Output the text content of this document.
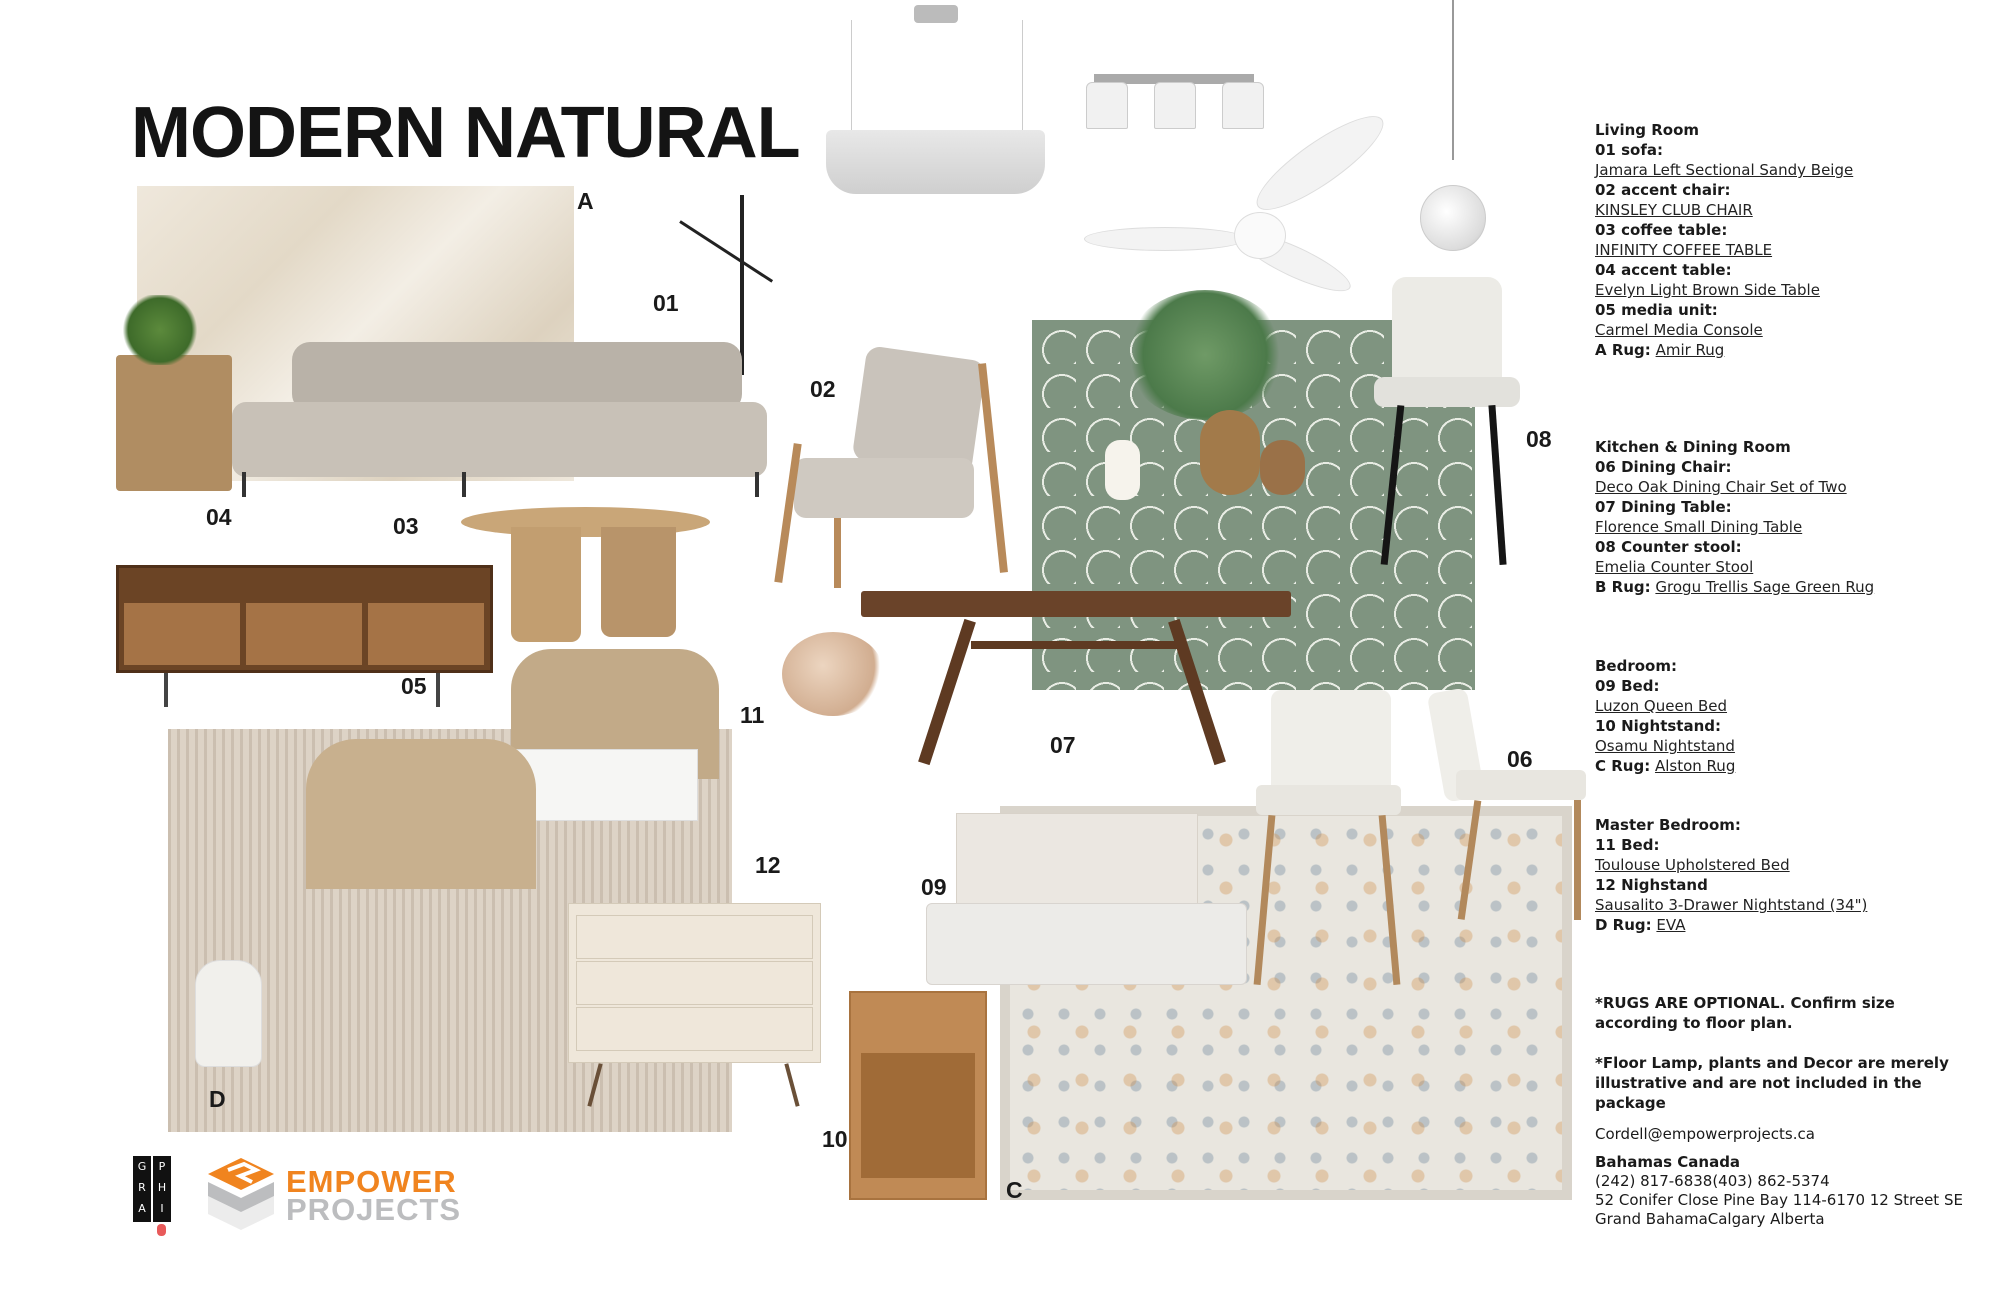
MODERN NATURAL
A
01
02
03
04
05
06
07
08
09
10
11
12
C
D
Living Room
01 sofa:
Jamara Left Sectional Sandy Beige
02 accent chair:
KINSLEY CLUB CHAIR
03 coffee table:
INFINITY COFFEE TABLE
04 accent table:
Evelyn Light Brown Side Table
05 media unit:
Carmel Media Console
A Rug: Amir Rug
Kitchen & Dining Room
06 Dining Chair:
Deco Oak Dining Chair Set of Two
07 Dining Table:
Florence Small Dining Table
08 Counter stool:
Emelia Counter Stool
B Rug: Grogu Trellis Sage Green Rug
Bedroom:
09 Bed:
Luzon Queen Bed
10 Nightstand:
Osamu Nightstand
C Rug: Alston Rug
Master Bedroom:
11 Bed:
Toulouse Upholstered Bed
12 Nighstand
Sausalito 3-Drawer Nightstand (34")
D Rug: EVA
*RUGS ARE OPTIONAL. Confirm size according to floor plan.
*Floor Lamp, plants and Decor are merely illustrative and are not included in the package
Cordell@empowerprojects.ca
Bahamas Canada
(242) 817-6838(403) 862-5374
52 Conifer Close Pine Bay 114-6170 12 Street SE
Grand BahamaCalgary Alberta
G
R
A
P
H
I
EMPOWER
PROJECTS
